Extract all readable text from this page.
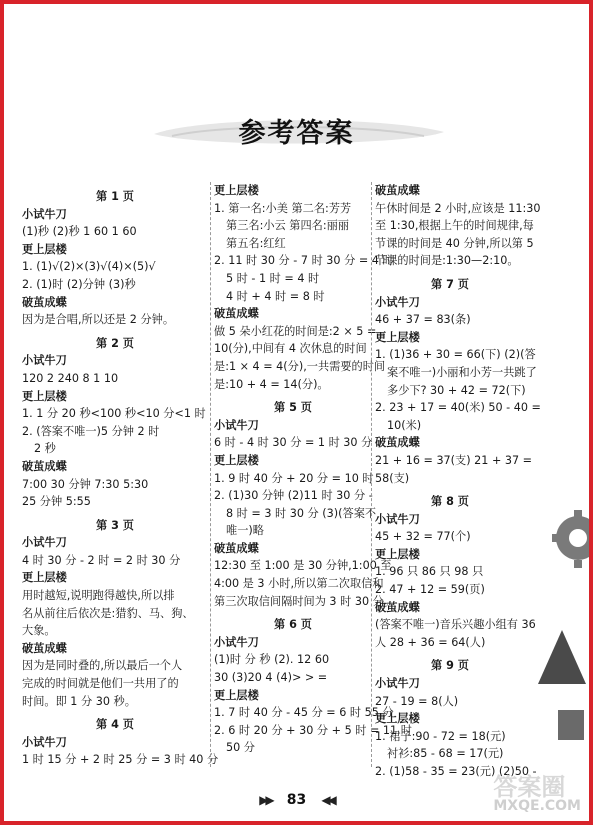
参考答案
第 1 页
小试牛刀
(1)秒 (2)秒 1 60 1 60
更上层楼
1. (1)√(2)×(3)√(4)×(5)√
2. (1)时 (2)分钟 (3)秒
破茧成蝶
因为是合唱,所以还是 2 分钟。
第 2 页
小试牛刀
120 2 240 8 1 10
更上层楼
1. 1 分 20 秒<100 秒<10 分<1 时
2. (答案不唯一)5 分钟 2 时
2 秒
破茧成蝶
7:00 30 分钟 7:30 5:30
25 分钟 5:55
第 3 页
小试牛刀
4 时 30 分 - 2 时 = 2 时 30 分
更上层楼
用时越短,说明跑得越快,所以排
名从前往后依次是:猎豹、马、狗、
大象。
破茧成蝶
因为是同时叠的,所以最后一个人
完成的时间就是他们一共用了的
时间。即 1 分 30 秒。
第 4 页
小试牛刀
1 时 15 分 + 2 时 25 分 = 3 时 40 分
更上层楼
1. 第一名:小美 第二名:芳芳
第三名:小云 第四名:丽丽
第五名:红红
2. 11 时 30 分 - 7 时 30 分 = 4 时
5 时 - 1 时 = 4 时
4 时 + 4 时 = 8 时
破茧成蝶
做 5 朵小红花的时间是:2 × 5 =
10(分),中间有 4 次休息的时间
是:1 × 4 = 4(分),一共需要的时间
是:10 + 4 = 14(分)。
第 5 页
小试牛刀
6 时 - 4 时 30 分 = 1 时 30 分
更上层楼
1. 9 时 40 分 + 20 分 = 10 时
2. (1)30 分钟 (2)11 时 30 分 -
8 时 = 3 时 30 分 (3)(答案不
唯一)略
破茧成蝶
12:30 至 1:00 是 30 分钟,1:00 至
4:00 是 3 小时,所以第二次取信和
第三次取信间隔时间为 3 时 30 分。
第 6 页
小试牛刀
(1)时 分 秒 (2). 12 60
30 (3)20 4 (4)> > =
更上层楼
1. 7 时 40 分 - 45 分 = 6 时 55 分
2. 6 时 20 分 + 30 分 + 5 时 = 11 时
50 分
破茧成蝶
午休时间是 2 小时,应该是 11:30
至 1:30,根据上午的时间规律,每
节课的时间是 40 分钟,所以第 5
节课的时间是:1:30—2:10。
第 7 页
小试牛刀
46 + 37 = 83(条)
更上层楼
1. (1)36 + 30 = 66(下) (2)(答
案不唯一)小丽和小芳一共跳了
多少下? 30 + 42 = 72(下)
2. 23 + 17 = 40(米) 50 - 40 =
10(米)
破茧成蝶
21 + 16 = 37(支) 21 + 37 =
58(支)
第 8 页
小试牛刀
45 + 32 = 77(个)
更上层楼
1. 96 只 86 只 98 只
2. 47 + 12 = 59(页)
破茧成蝶
(答案不唯一)音乐兴趣小组有 36
人 28 + 36 = 64(人)
第 9 页
小试牛刀
27 - 19 = 8(人)
更上层楼
1. 裙子:90 - 72 = 18(元)
衬衫:85 - 68 = 17(元)
2. (1)58 - 35 = 23(元) (2)50 -
▶▶ 83 ◀◀	答案圈
MXQE.COM
